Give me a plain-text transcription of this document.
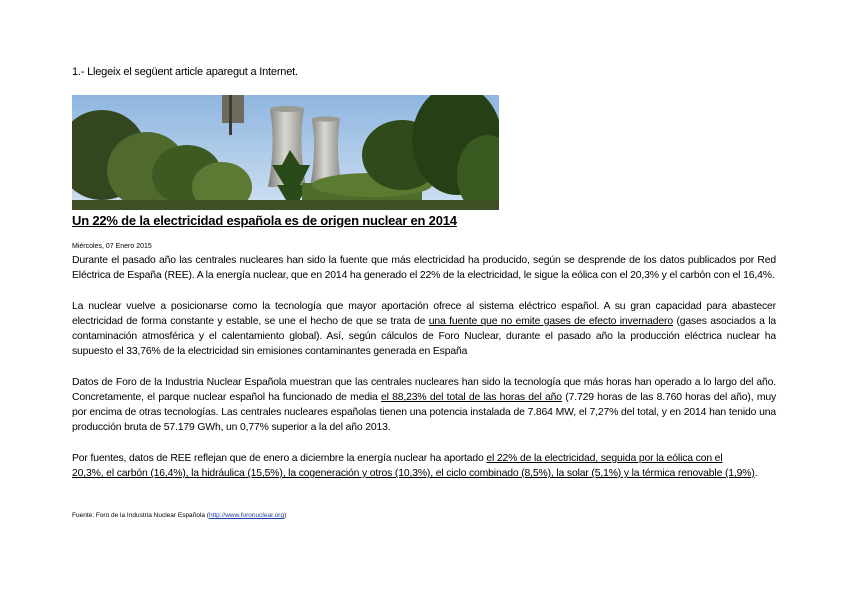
1.- Llegeix el següent article aparegut a Internet.
Un 22% de la electricidad española es de origen nuclear en 2014
Miércoles, 07 Enero 2015

Durante el pasado año las centrales nucleares han sido la fuente que más electricidad ha producido, según se desprende de los datos publicados por Red Eléctrica de España (REE). A la energía nuclear, que en 2014 ha generado el 22% de la electricidad, le sigue la eólica con el 20,3% y el carbón con el 16,4%.

La nuclear vuelve a posicionarse como la tecnología que mayor aportación ofrece al sistema eléctrico español. A su gran capacidad para abastecer electricidad de forma constante y estable, se une el hecho de que se trata de una fuente que no emite gases de efecto invernadero (gases asociados a la contaminación atmosférica y el calentamiento global). Así, según cálculos de Foro Nuclear, durante el pasado año la producción eléctrica nuclear ha supuesto el 33,76% de la electricidad sin emisiones contaminantes generada en España

Datos de Foro de la Industria Nuclear Española muestran que las centrales nucleares han sido la tecnología que más horas han operado a lo largo del año. Concretamente, el parque nuclear español ha funcionado de media el 88,23% del total de las horas del año (7.729 horas de las 8.760 horas del año), muy por encima de otras tecnologías. Las centrales nucleares españolas tienen una potencia instalada de 7.864 MW, el 7,27% del total, y en 2014 han tenido una producción bruta de 57.179 GWh, un 0,77% superior a la del año 2013.

Por fuentes, datos de REE reflejan que de enero a diciembre la energía nuclear ha aportado el 22% de la electricidad, seguida por la eólica con el
20,3%, el carbón (16,4%), la hidráulica (15,5%), la cogeneración y otros (10,3%), el ciclo combinado (8,5%), la solar (5,1%) y la térmica renovable (1,9%).

Fuente: Foro de la Industria Nuclear Española (http://www.foronuclear.org)
